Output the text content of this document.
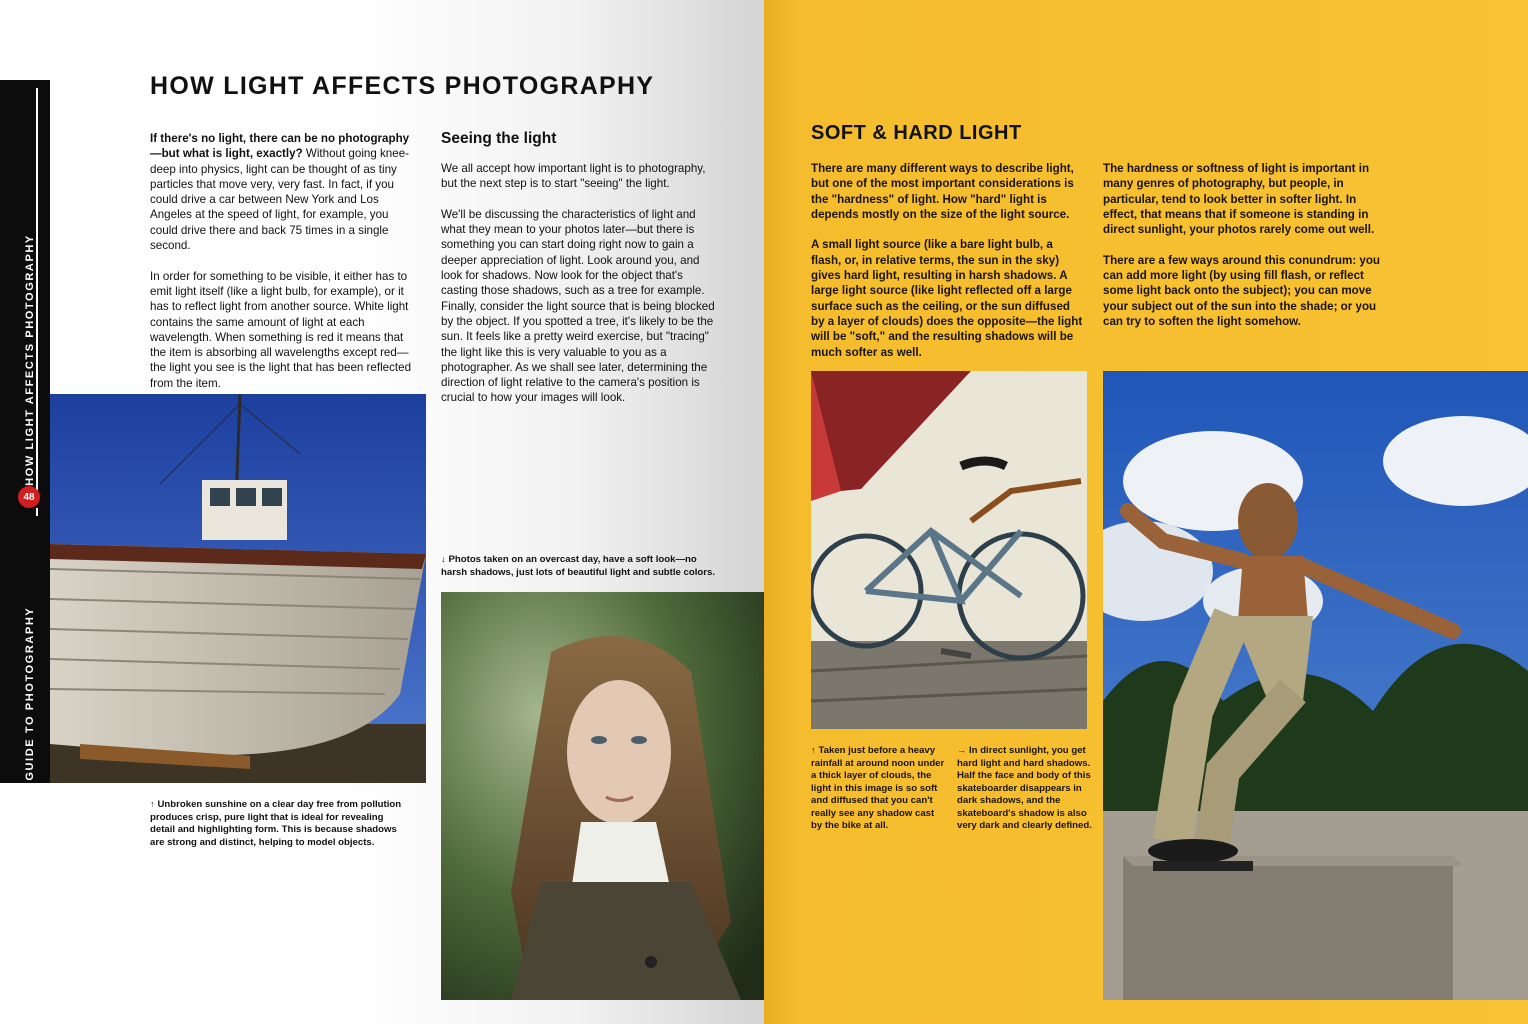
HOW LIGHT AFFECTS PHOTOGRAPHY
BEGINNER'S GUIDE TO PHOTOGRAPHY
48
HOW LIGHT AFFECTS PHOTOGRAPHY

If there's no light, there can be no photography—but what is light, exactly? Without going knee-deep into physics, light can be thought of as tiny particles that move very, very fast. In fact, if you could drive a car between New York and Los Angeles at the speed of light, for example, you could drive there and back 75 times in a single second.

In order for something to be visible, it either has to emit light itself (like a light bulb, for example), or it has to reflect light from another source. White light contains the same amount of light at each wavelength. When something is red it means that the item is absorbing all wavelengths except red—the light you see is the light that has been reflected from the item.

Seeing the light

We all accept how important light is to photography, but the next step is to start "seeing" the light.

We'll be discussing the characteristics of light and what they mean to your photos later—but there is something you can start doing right now to gain a deeper appreciation of light. Look around you, and look for shadows. Now look for the object that's casting those shadows, such as a tree for example. Finally, consider the light source that is being blocked by the object. If you spotted a tree, it's likely to be the sun. It feels like a pretty weird exercise, but "tracing" the light like this is very valuable to you as a photographer. As we shall see later, determining the direction of light relative to the camera's position is crucial to how your images will look.

↑ Unbroken sunshine on a clear day free from pollution produces crisp, pure light that is ideal for revealing detail and highlighting form. This is because shadows are strong and distinct, helping to model objects.
↓ Photos taken on an overcast day, have a soft look—no harsh shadows, just lots of beautiful light and subtle colors.
SOFT & HARD LIGHT

There are many different ways to describe light, but one of the most important considerations is the "hardness" of light. How "hard" light is depends mostly on the size of the light source.

A small light source (like a bare light bulb, a flash, or, in relative terms, the sun in the sky) gives hard light, resulting in harsh shadows. A large light source (like light reflected off a large surface such as the ceiling, or the sun diffused by a layer of clouds) does the opposite—the light will be "soft," and the resulting shadows will be much softer as well.

The hardness or softness of light is important in many genres of photography, but people, in particular, tend to look better in softer light. In effect, that means that if someone is standing in direct sunlight, your photos rarely come out well.

There are a few ways around this conundrum: you can add more light (by using fill flash, or reflect some light back onto the subject); you can move your subject out of the sun into the shade; or you can try to soften the light somehow.

↑ Taken just before a heavy rainfall at around noon under a thick layer of clouds, the light in this image is so soft and diffused that you can't really see any shadow cast by the bike at all.
→ In direct sunlight, you get hard light and hard shadows. Half the face and body of this skateboarder disappears in dark shadows, and the skateboard's shadow is also very dark and clearly defined.
